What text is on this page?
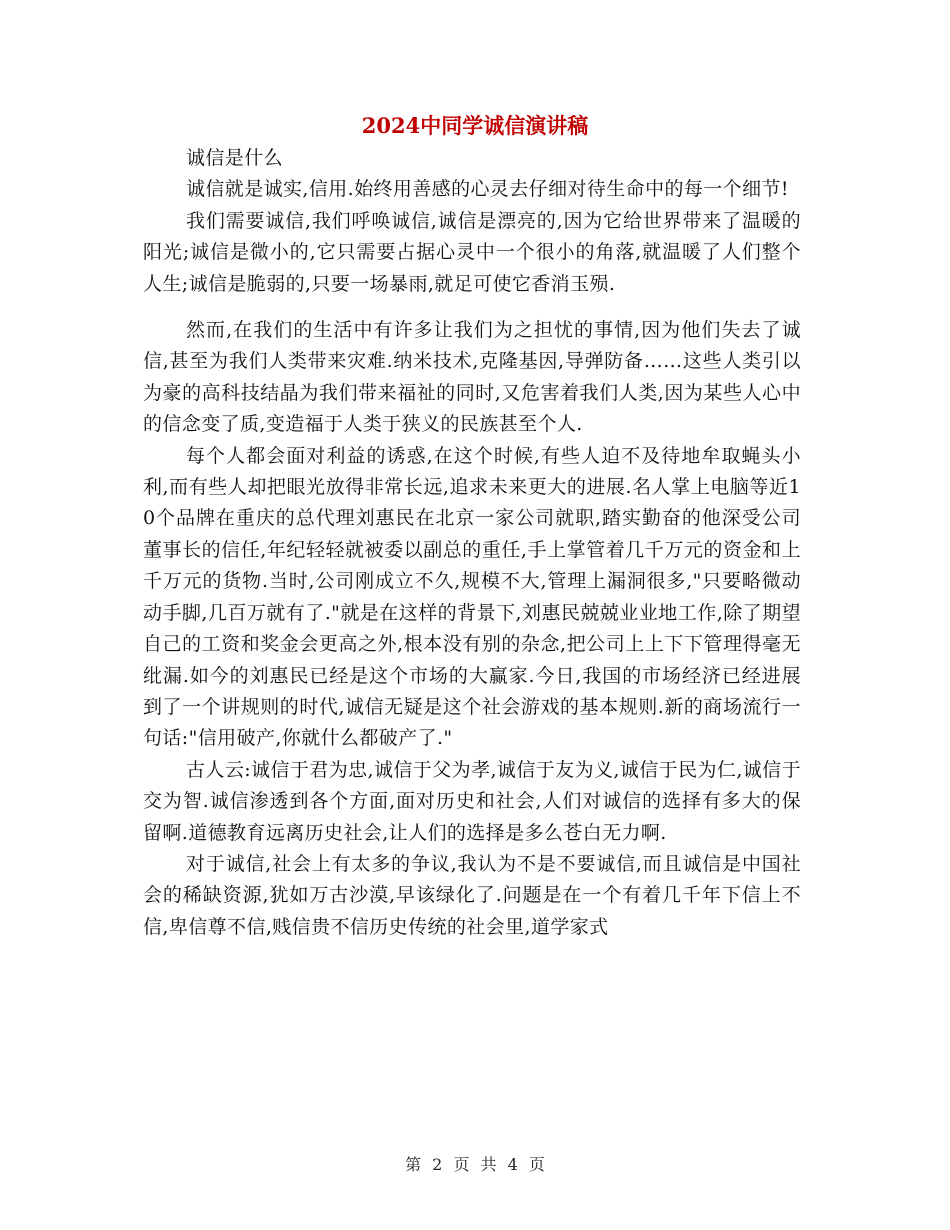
2024中同学诚信演讲稿

诚信是什么

诚信就是诚实,信用.始终用善感的心灵去仔细对待生命中的每一个细节!

我们需要诚信,我们呼唤诚信,诚信是漂亮的,因为它给世界带来了温暖的阳光;诚信是微小的,它只需要占据心灵中一个很小的角落,就温暖了人们整个人生;诚信是脆弱的,只要一场暴雨,就足可使它香消玉殒.

然而,在我们的生活中有许多让我们为之担忧的事情,因为他们失去了诚信,甚至为我们人类带来灾难.纳米技术,克隆基因,导弹防备……这些人类引以为豪的高科技结晶为我们带来福祉的同时,又危害着我们人类,因为某些人心中的信念变了质,变造福于人类于狭义的民族甚至个人.

每个人都会面对利益的诱惑,在这个时候,有些人迫不及待地牟取蝇头小利,而有些人却把眼光放得非常长远,追求未来更大的进展.名人掌上电脑等近10个品牌在重庆的总代理刘惠民在北京一家公司就职,踏实勤奋的他深受公司董事长的信任,年纪轻轻就被委以副总的重任,手上掌管着几千万元的资金和上千万元的货物.当时,公司刚成立不久,规模不大,管理上漏洞很多,"只要略微动动手脚,几百万就有了."就是在这样的背景下,刘惠民兢兢业业地工作,除了期望自己的工资和奖金会更高之外,根本没有别的杂念,把公司上上下下管理得毫无纰漏.如今的刘惠民已经是这个市场的大赢家.今日,我国的市场经济已经进展到了一个讲规则的时代,诚信无疑是这个社会游戏的基本规则.新的商场流行一句话:"信用破产,你就什么都破产了."

古人云:诚信于君为忠,诚信于父为孝,诚信于友为义,诚信于民为仁,诚信于交为智.诚信渗透到各个方面,面对历史和社会,人们对诚信的选择有多大的保留啊.道德教育远离历史社会,让人们的选择是多么苍白无力啊.

对于诚信,社会上有太多的争议,我认为不是不要诚信,而且诚信是中国社会的稀缺资源,犹如万古沙漠,早该绿化了.问题是在一个有着几千年下信上不信,卑信尊不信,贱信贵不信历史传统的社会里,道学家式

第 2 页 共 4 页
